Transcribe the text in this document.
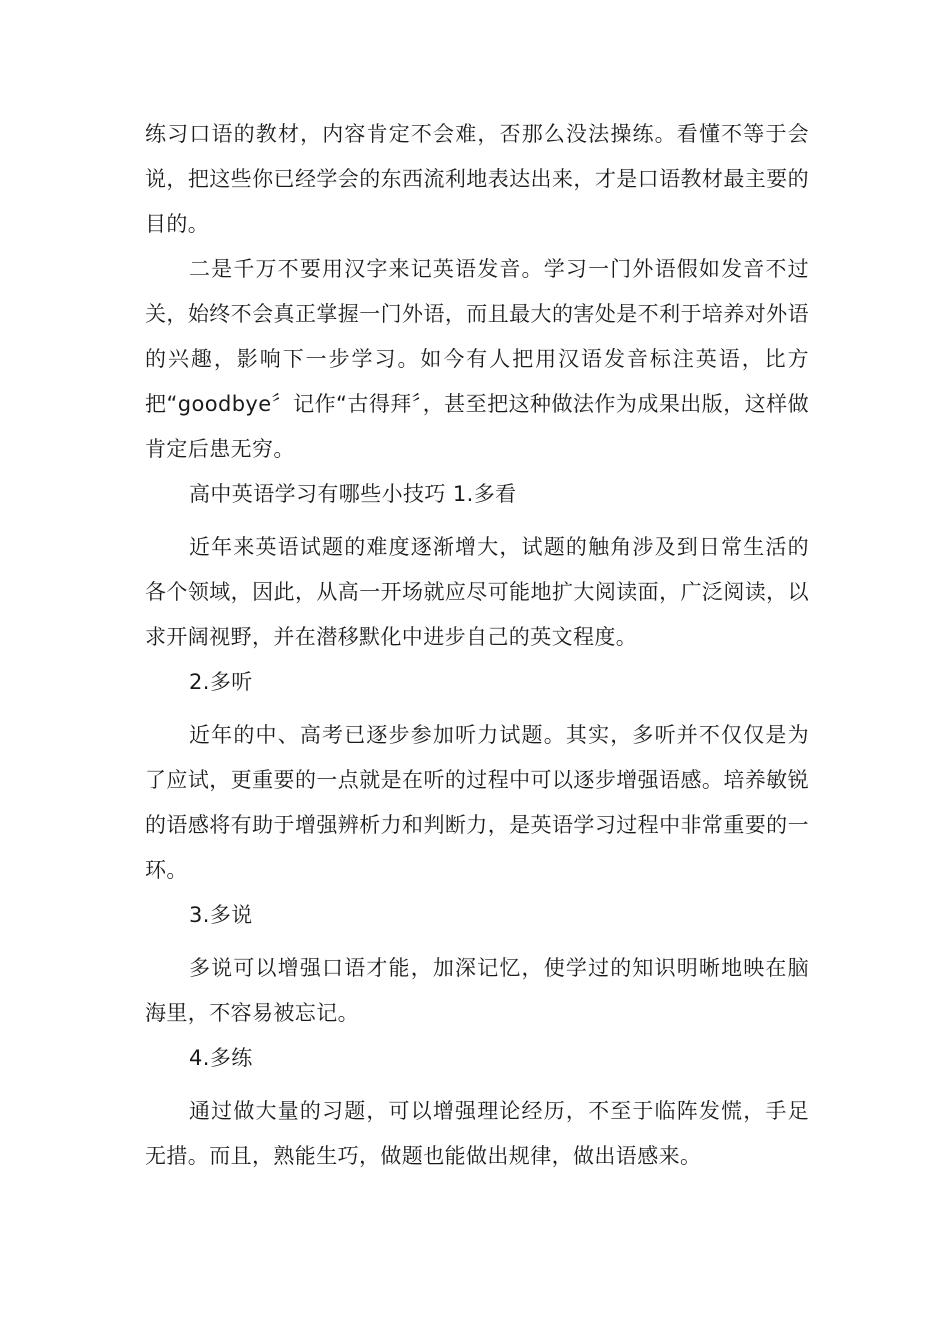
练习口语的教材，内容肯定不会难，否那么没法操练。看懂不等于会说，把这些你已经学会的东西流利地表达出来，才是口语教材最主要的目的。

二是千万不要用汉字来记英语发音。学习一门外语假如发音不过关，始终不会真正掌握一门外语，而且最大的害处是不利于培养对外语的兴趣，影响下一步学习。如今有人把用汉语发音标注英语，比方把“goodbye〞记作“古得拜〞，甚至把这种做法作为成果出版，这样做肯定后患无穷。

高中英语学习有哪些小技巧 1.多看

近年来英语试题的难度逐渐增大，试题的触角涉及到日常生活的各个领域，因此，从高一开场就应尽可能地扩大阅读面，广泛阅读，以求开阔视野，并在潜移默化中进步自己的英文程度。

2.多听

近年的中、高考已逐步参加听力试题。其实，多听并不仅仅是为了应试，更重要的一点就是在听的过程中可以逐步增强语感。培养敏锐的语感将有助于增强辨析力和判断力，是英语学习过程中非常重要的一环。

3.多说

多说可以增强口语才能，加深记忆，使学过的知识明晰地映在脑海里，不容易被忘记。

4.多练

通过做大量的习题，可以增强理论经历，不至于临阵发慌，手足无措。而且，熟能生巧，做题也能做出规律，做出语感来。
